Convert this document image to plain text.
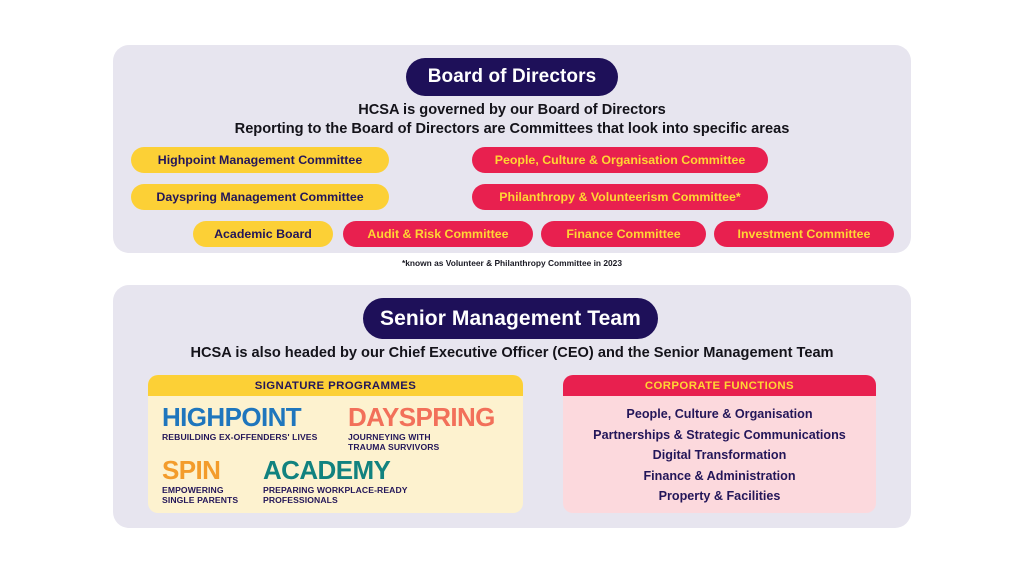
Board of Directors
HCSA is governed by our Board of Directors
Reporting to the Board of Directors are Committees that look into specific areas
Highpoint Management Committee	People, Culture & Organisation Committee
Dayspring Management Committee	Philanthropy & Volunteerism Committee*
Academic Board	Audit & Risk Committee	Finance Committee	Investment Committee
*known as Volunteer & Philanthropy Committee in 2023
Senior Management Team
HCSA is also headed by our Chief Executive Officer (CEO) and the Senior Management Team
SIGNATURE PROGRAMMES
HIGHPOINT
REBUILDING EX-OFFENDERS' LIVES
DAYSPRING
JOURNEYING WITH
TRAUMA SURVIVORS
SPIN
EMPOWERING
SINGLE PARENTS
ACADEMY
PREPARING WORKPLACE-READY
PROFESSIONALS
CORPORATE FUNCTIONS
People, Culture & Organisation
Partnerships & Strategic Communications
Digital Transformation
Finance & Administration
Property & Facilities
